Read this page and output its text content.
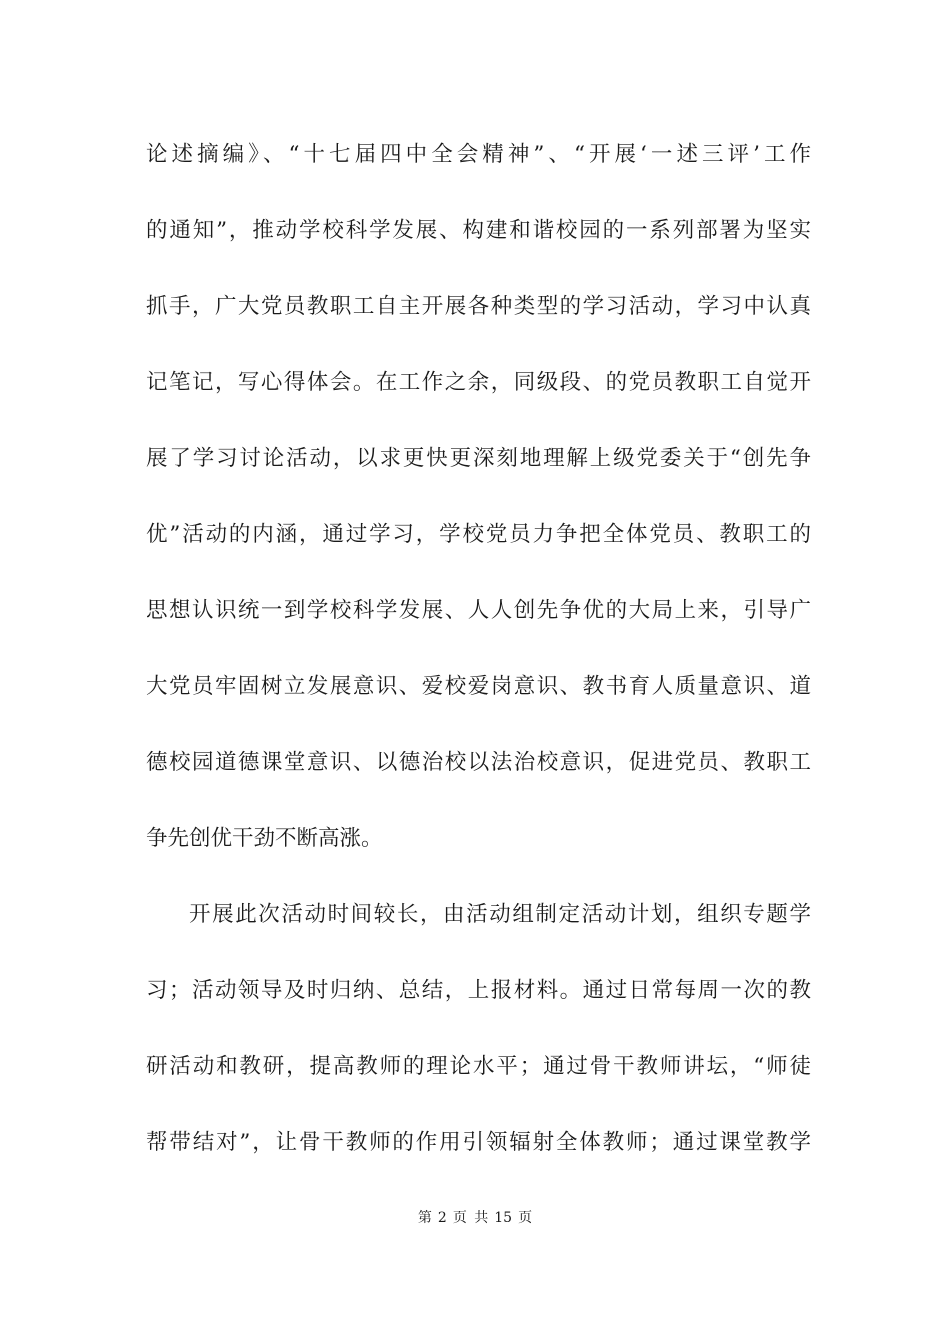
论述摘编》、“十七届四中全会精神”、“开展‘一述三评’工作
的通知”，推动学校科学发展、构建和谐校园的一系列部署为坚实
抓手，广大党员教职工自主开展各种类型的学习活动，学习中认真
记笔记，写心得体会。在工作之余，同级段、的党员教职工自觉开
展了学习讨论活动，以求更快更深刻地理解上级党委关于“创先争
优”活动的内涵，通过学习，学校党员力争把全体党员、教职工的
思想认识统一到学校科学发展、人人创先争优的大局上来，引导广
大党员牢固树立发展意识、爱校爱岗意识、教书育人质量意识、道
德校园道德课堂意识、以德治校以法治校意识，促进党员、教职工
争先创优干劲不断高涨。
开展此次活动时间较长，由活动组制定活动计划，组织专题学
习；活动领导及时归纳、总结，上报材料。通过日常每周一次的教
研活动和教研，提高教师的理论水平；通过骨干教师讲坛，“师徒
帮带结对”，让骨干教师的作用引领辐射全体教师；通过课堂教学
第 2 页 共 15 页
